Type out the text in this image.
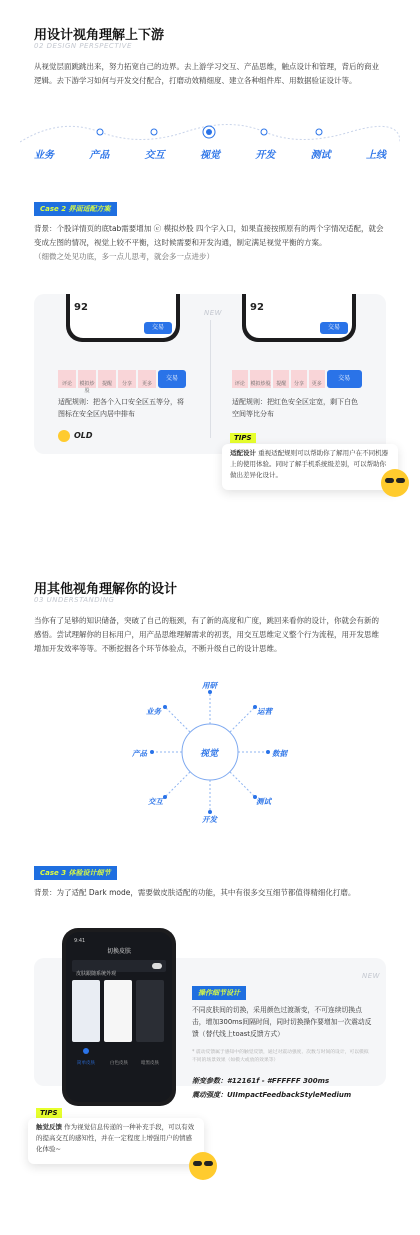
用设计视角理解上下游
02 DESIGN PERSPECTIVE
从视觉层面跳跳出来，努力拓宽自己的边界。去上游学习交互、产品思维，触点设计和管理，背后的商业逻辑。去下游学习如何与开发交付配合，打磨动效精细度、建立各种组件库、用数据验证设计等。
业务	产品	交互	视觉	开发	测试	上线
Case 2 界面适配方案
背景：个股详情页的底tab需要增加 ⓔ 模拟炒股 四个字入口，如果直接按照原有的两个字情况适配，就会变成左图的情况，视觉上较不平衡，这时候需要和开发沟通，制定满足视觉平衡的方案。
（细微之处见功底，多一点儿思考，就会多一点进步）
92
交易
92
交易
NEW
评论	模拟炒股
提醒	分享	更多
交易
评论	模拟炒股	提醒	分享	更多
交易
适配规则：把各个入口安全区五等分，将图标在安全区内居中排布
适配规则：把红色安全区定宽，剩下白色空间等比分布
OLD	TIPS
适配设计 重视适配规则可以帮助你了解用户在不同机器上的使用体验。同时了解手机系统级差别，可以帮助你做出差异化设计。
用其他视角理解你的设计
03 UNDERSTANDING
当你有了足够的知识储备，突破了自己的瓶颈，有了新的高度和广度，跳回来看你的设计，你就会有新的感悟。尝试理解你的目标用户，用产品思维理解需求的初衷，用交互思维定义整个行为流程，用开发思维增加开发效率等等。不断挖掘各个环节体验点，不断升级自己的设计思维。
视觉
用研
运营
数据
测试
开发
交互
产品
业务
Case 3 体验设计细节
背景：为了适配 Dark mode，需要做皮肤适配的功能，其中有很多交互细节都值得精细化打磨。
9:41
切换皮肤
皮肤跟随系统外观
简单皮肤	白色皮肤	暗黑皮肤
NEW
操作细节设计
不同皮肤间的切换，采用颜色过渡渐变，不可连续切换点击，增加300ms间隔时间，同时切换操作要增加一次震动反馈（替代线上toast反馈方式）
* 震动反馈属于感知中的触觉反馈，通过对震动强度、次数与时间的设计，可以模拟不同的场景效果（如模大或放的效果等）
渐变参数：#12161f - #FFFFFF 300ms
震动强度：UIImpactFeedbackStyleMedium
TIPS
触觉反馈 作为视觉信息传递的一种补充手段，可以有效的提高交互的感知性，并在一定程度上增强用户的情感化体验~
